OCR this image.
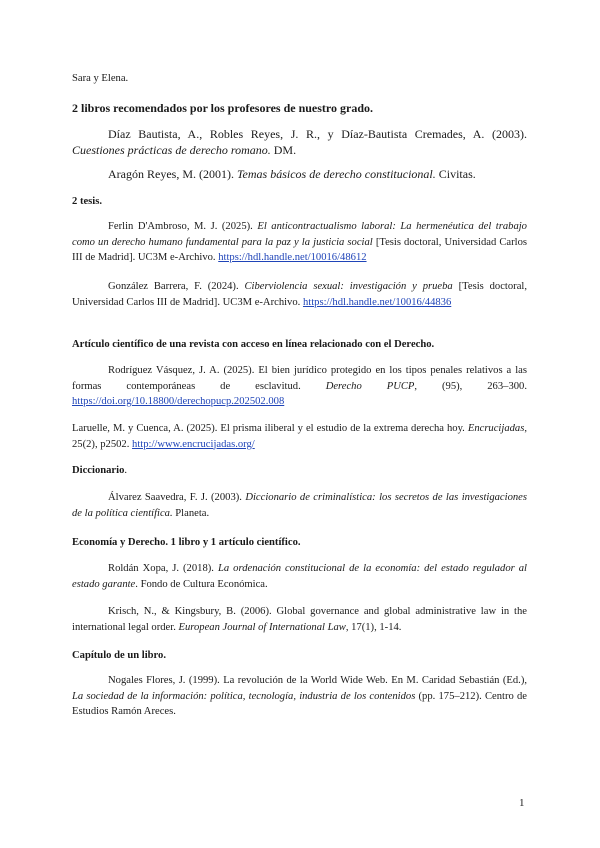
Sara y Elena.
2 libros recomendados por los profesores de nuestro grado.
Díaz Bautista, A., Robles Reyes, J. R., y Díaz-Bautista Cremades, A. (2003). Cuestiones prácticas de derecho romano. DM.
Aragón Reyes, M. (2001). Temas básicos de derecho constitucional. Civitas.
2 tesis.
Ferlin D'Ambroso, M. J. (2025). El anticontractualismo laboral: La hermenéutica del trabajo como un derecho humano fundamental para la paz y la justicia social [Tesis doctoral, Universidad Carlos III de Madrid]. UC3M e-Archivo. https://hdl.handle.net/10016/48612
González Barrera, F. (2024). Ciberviolencia sexual: investigación y prueba [Tesis doctoral, Universidad Carlos III de Madrid]. UC3M e-Archivo. https://hdl.handle.net/10016/44836
Artículo científico de una revista con acceso en línea relacionado con el Derecho.
Rodríguez Vásquez, J. A. (2025). El bien jurídico protegido en los tipos penales relativos a las formas contemporáneas de esclavitud. Derecho PUCP, (95), 263–300. https://doi.org/10.18800/derechopucp.202502.008
Laruelle, M. y Cuenca, A. (2025). El prisma iliberal y el estudio de la extrema derecha hoy. Encrucijadas, 25(2), p2502. http://www.encrucijadas.org/
Diccionario.
Álvarez Saavedra, F. J. (2003). Diccionario de criminalística: los secretos de las investigaciones de la política científica. Planeta.
Economía y Derecho. 1 libro y 1 artículo científico.
Roldán Xopa, J. (2018). La ordenación constitucional de la economía: del estado regulador al estado garante. Fondo de Cultura Económica.
Krisch, N., & Kingsbury, B. (2006). Global governance and global administrative law in the international legal order. European Journal of International Law, 17(1), 1-14.
Capítulo de un libro.
Nogales Flores, J. (1999). La revolución de la World Wide Web. En M. Caridad Sebastián (Ed.), La sociedad de la información: política, tecnología, industria de los contenidos (pp. 175–212). Centro de Estudios Ramón Areces.
1
